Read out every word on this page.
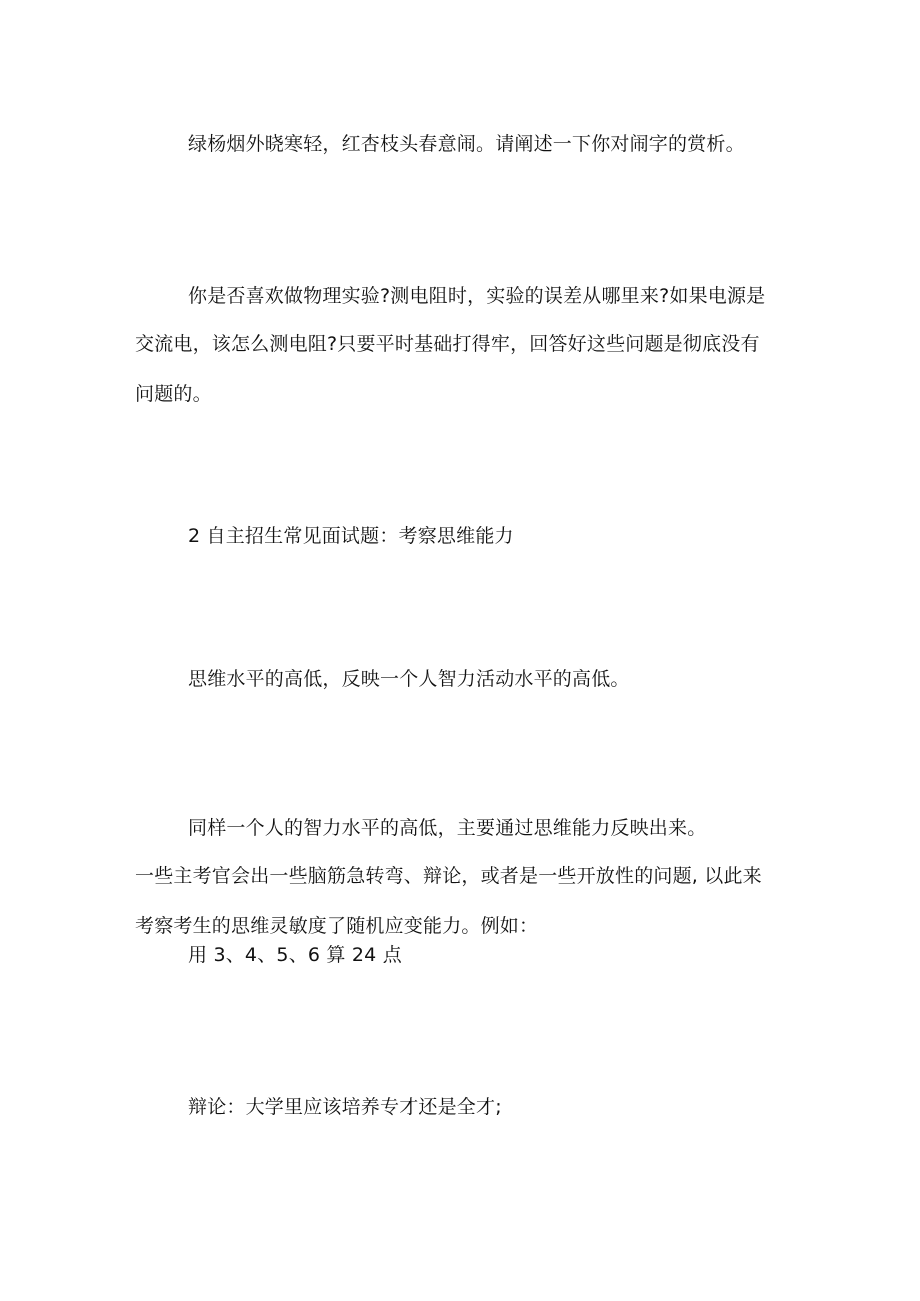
绿杨烟外晓寒轻，红杏枝头春意闹。请阐述一下你对闹字的赏析。
你是否喜欢做物理实验?测电阻时，实验的误差从哪里来?如果电源是
交流电，该怎么测电阻?只要平时基础打得牢，回答好这些问题是彻底没有
问题的。
2 自主招生常见面试题：考察思维能力
思维水平的高低，反映一个人智力活动水平的高低。
同样一个人的智力水平的高低，主要通过思维能力反映出来。
一些主考官会出一些脑筋急转弯、辩论，或者是一些开放性的问题, 以此来
考察考生的思维灵敏度了随机应变能力。例如：
用 3、4、5、6 算 24 点
辩论：大学里应该培养专才还是全才;
